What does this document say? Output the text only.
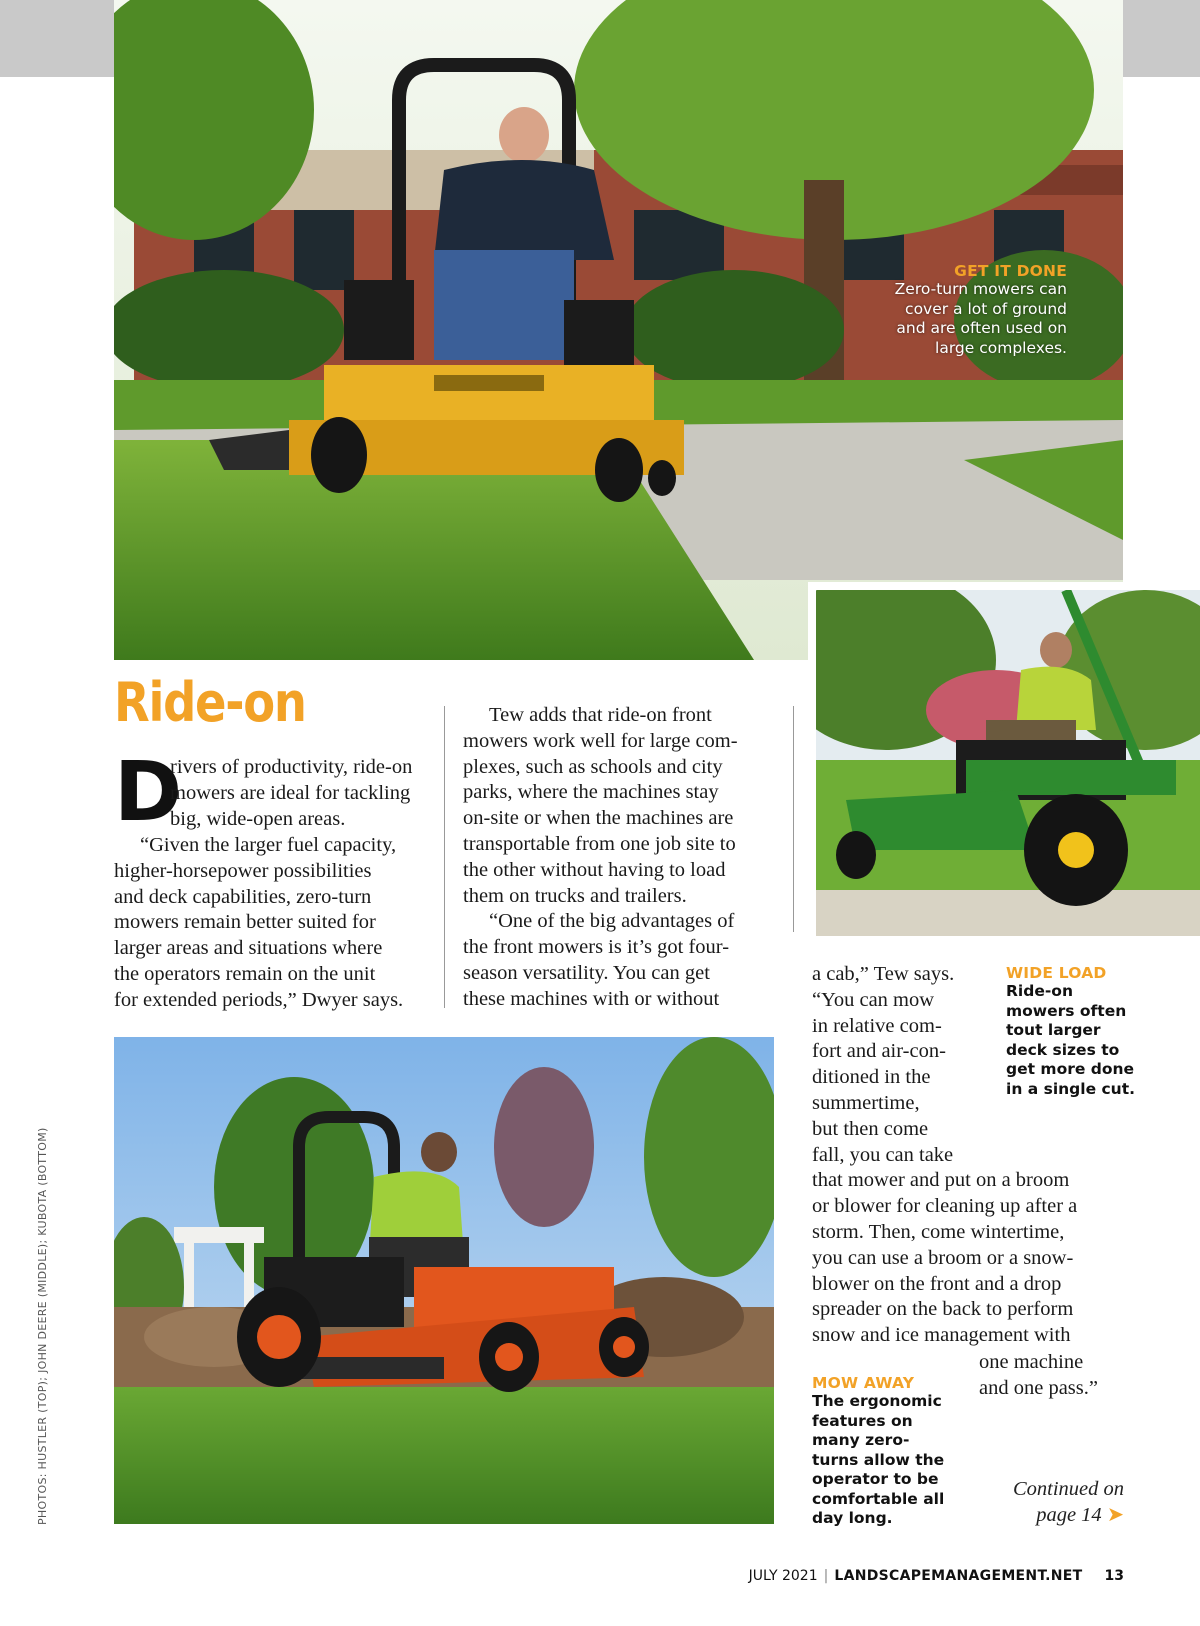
GET IT DONE
Zero-turn mowers can
cover a lot of ground
and are often used on
large complexes.
Ride-on
D
rivers of productivity, ride-on
mowers are ideal for tackling
big, wide-open areas.

“Given the larger fuel capacity,

higher-horsepower possibilities

and deck capabilities, zero-turn

mowers remain better suited for

larger areas and situations where

the operators remain on the unit

for extended periods,” Dwyer says.

Tew adds that ride-on front

mowers work well for large com-

plexes, such as schools and city

parks, where the machines stay

on-site or when the machines are

transportable from one job site to

the other without having to load

them on trucks and trailers.

“One of the big advantages of

the front mowers is it’s got four-

season versatility. You can get

these machines with or without

a cab,” Tew says.

“You can mow

in relative com-

fort and air-con-

ditioned in the

summertime,

but then come

fall, you can take

that mower and put on a broom

or blower for cleaning up after a

storm. Then, come wintertime,

you can use a broom or a snow-

blower on the front and a drop

spreader on the back to perform

snow and ice management with

WIDE LOAD
Ride-on
mowers often
tout larger
deck sizes to
get more done
in a single cut.
one machine
and one pass.”
MOW AWAY
The ergonomic
features on
many zero-
turns allow the
operator to be
comfortable all
day long.
Continued on
page 14 ➤
PHOTOS: HUSTLER (TOP); JOHN DEERE (MIDDLE); KUBOTA (BOTTOM)
JULY 2021 | LANDSCAPEMANAGEMENT.NET 13
